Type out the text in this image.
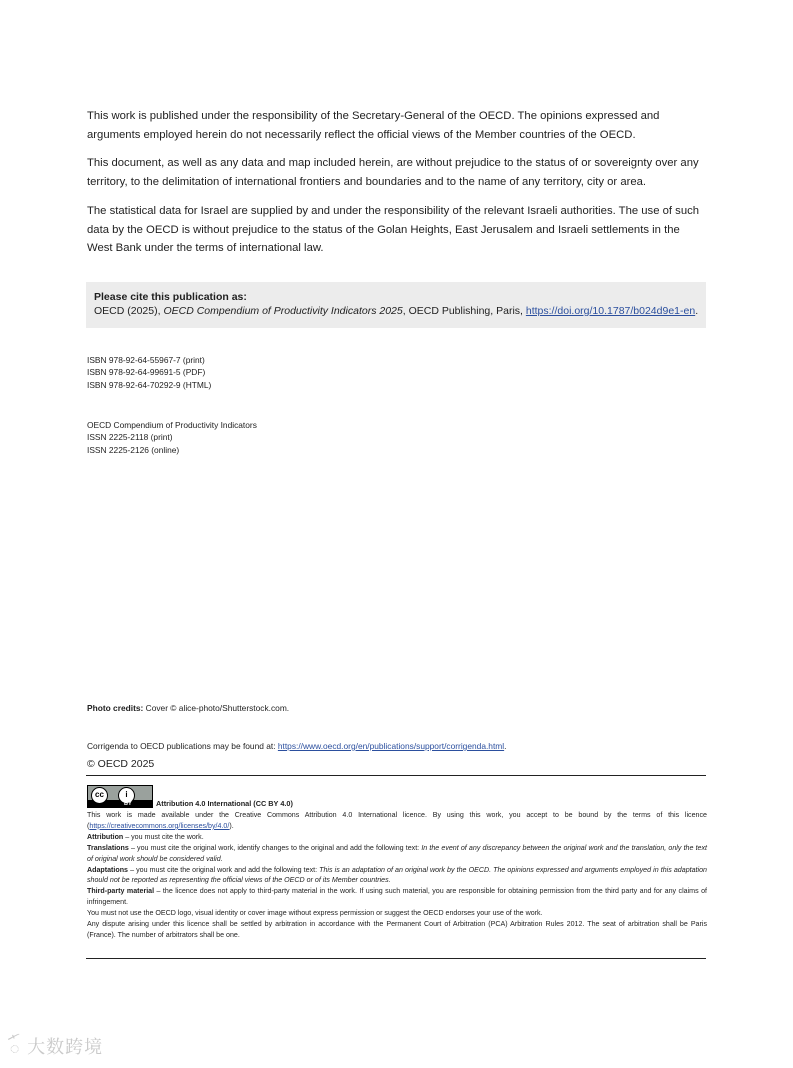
This work is published under the responsibility of the Secretary-General of the OECD. The opinions expressed and arguments employed herein do not necessarily reflect the official views of the Member countries of the OECD.

This document, as well as any data and map included herein, are without prejudice to the status of or sovereignty over any territory, to the delimitation of international frontiers and boundaries and to the name of any territory, city or area.

The statistical data for Israel are supplied by and under the responsibility of the relevant Israeli authorities. The use of such data by the OECD is without prejudice to the status of the Golan Heights, East Jerusalem and Israeli settlements in the West Bank under the terms of international law.

Please cite this publication as:
OECD (2025), OECD Compendium of Productivity Indicators 2025, OECD Publishing, Paris, https://doi.org/10.1787/b024d9e1-en.
ISBN 978-92-64-55967-7 (print)
ISBN 978-92-64-99691-5 (PDF)
ISBN 978-92-64-70292-9 (HTML)
OECD Compendium of Productivity Indicators
ISSN 2225-2118 (print)
ISSN 2225-2126 (online)
Photo credits: Cover © alice-photo/Shutterstock.com.
Corrigenda to OECD publications may be found at: https://www.oecd.org/en/publications/support/corrigenda.html.
© OECD 2025
cc	i
BY	Attribution 4.0 International (CC BY 4.0)

This work is made available under the Creative Commons Attribution 4.0 International licence. By using this work, you accept to be bound by the terms of this licence (https://creativecommons.org/licenses/by/4.0/).

Attribution – you must cite the work.

Translations – you must cite the original work, identify changes to the original and add the following text: In the event of any discrepancy between the original work and the translation, only the text of original work should be considered valid.

Adaptations – you must cite the original work and add the following text: This is an adaptation of an original work by the OECD. The opinions expressed and arguments employed in this adaptation should not be reported as representing the official views of the OECD or of its Member countries.

Third-party material – the licence does not apply to third-party material in the work. If using such material, you are responsible for obtaining permission from the third party and for any claims of infringement.

You must not use the OECD logo, visual identity or cover image without express permission or suggest the OECD endorses your use of the work.

Any dispute arising under this licence shall be settled by arbitration in accordance with the Permanent Court of Arbitration (PCA) Arbitration Rules 2012. The seat of arbitration shall be Paris (France). The number of arbitrators shall be one.

ꪸ 大数跨境
